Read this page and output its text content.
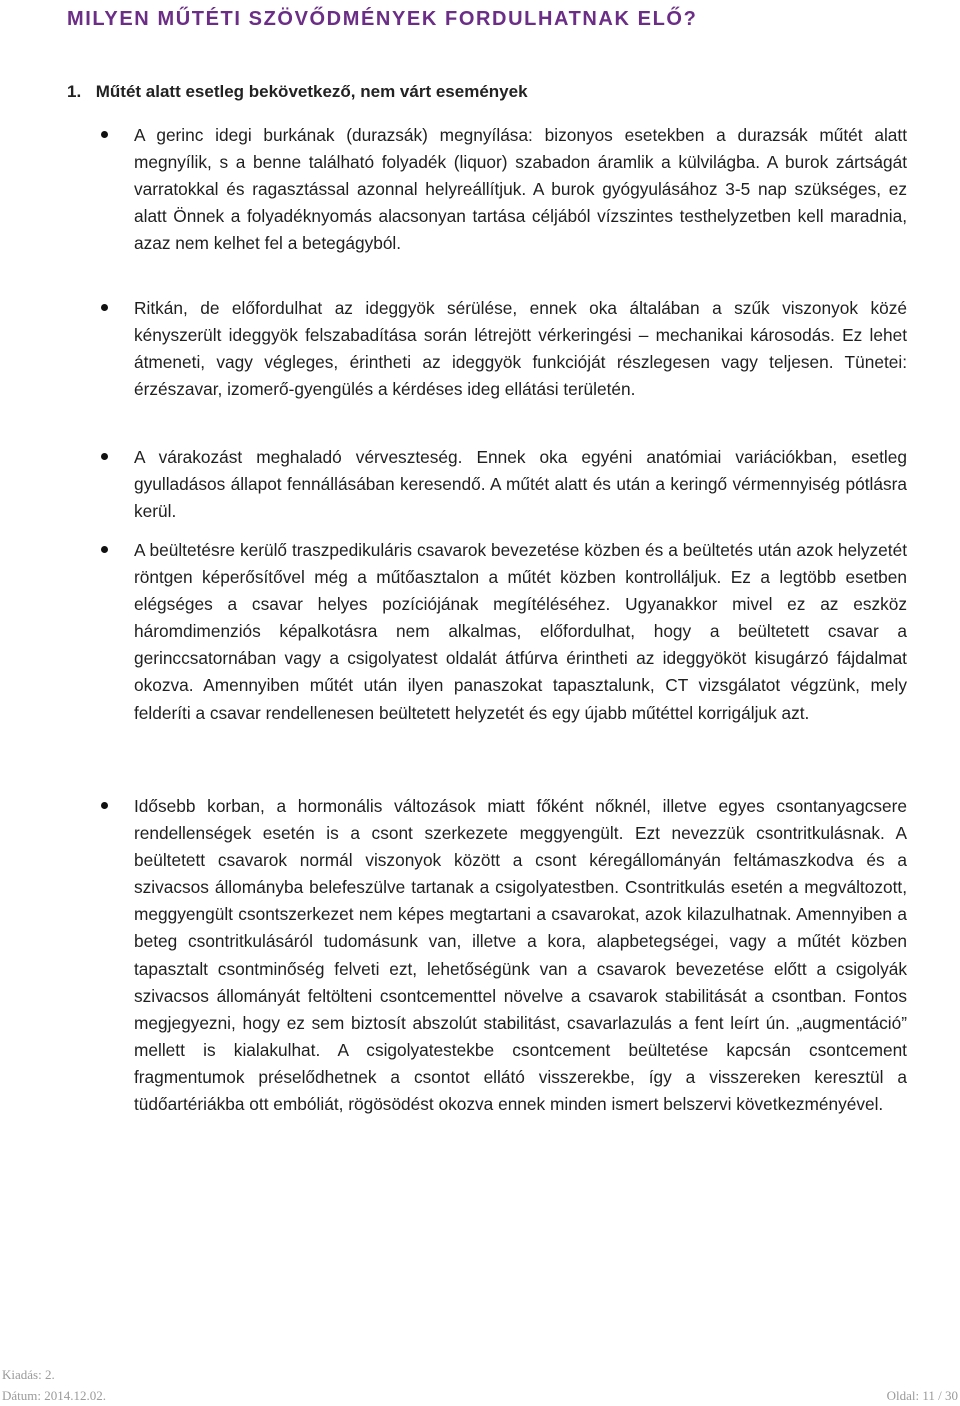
MILYEN MŰTÉTI SZÖVŐDMÉNYEK FORDULHATNAK ELŐ?
1. Műtét alatt esetleg bekövetkező, nem várt események

A gerinc idegi burkának (durazsák) megnyílása: bizonyos esetekben a durazsák műtét alatt megnyílik, s a benne található folyadék (liquor) szabadon áramlik a külvilágba. A burok zártságát varratokkal és ragasztással azonnal helyreállítjuk. A burok gyógyulásához 3-5 nap szükséges, ez alatt Önnek a folyadéknyomás alacsonyan tartása céljából vízszintes testhelyzetben kell maradnia, azaz nem kelhet fel a betegágyból.

Ritkán, de előfordulhat az ideggyök sérülése, ennek oka általában a szűk viszonyok közé kényszerült ideggyök felszabadítása során létrejött vérkeringési – mechanikai károsodás. Ez lehet átmeneti, vagy végleges, érintheti az ideggyök funkcióját részlegesen vagy teljesen. Tünetei: érzészavar, izomerő-gyengülés a kérdéses ideg ellátási területén.

A várakozást meghaladó vérveszteség. Ennek oka egyéni anatómiai variációkban, esetleg gyulladásos állapot fennállásában keresendő. A műtét alatt és után a keringő vérmennyiség pótlásra kerül.

A beültetésre kerülő traszpedikuláris csavarok bevezetése közben és a beültetés után azok helyzetét röntgen képerősítővel még a műtőasztalon a műtét közben kontrolláljuk. Ez a legtöbb esetben elégséges a csavar helyes pozíciójának megítéléséhez. Ugyanakkor mivel ez az eszköz háromdimenziós képalkotásra nem alkalmas, előfordulhat, hogy a beültetett csavar a gerinccsatornában vagy a csigolyatest oldalát átfúrva érintheti az ideggyököt kisugárzó fájdalmat okozva. Amennyiben műtét után ilyen panaszokat tapasztalunk, CT vizsgálatot végzünk, mely felderíti a csavar rendellenesen beültetett helyzetét és egy újabb műtéttel korrigáljuk azt.

Idősebb korban, a hormonális változások miatt főként nőknél, illetve egyes csontanyagcsere rendellenségek esetén is a csont szerkezete meggyengült. Ezt nevezzük csontritkulásnak. A beültetett csavarok normál viszonyok között a csont kéregállományán feltámaszkodva és a szivacsos állományba belefeszülve tartanak a csigolyatestben. Csontritkulás esetén a megváltozott, meggyengült csontszerkezet nem képes megtartani a csavarokat, azok kilazulhatnak. Amennyiben a beteg csontritkulásáról tudomásunk van, illetve a kora, alapbetegségei, vagy a műtét közben tapasztalt csontminőség felveti ezt, lehetőségünk van a csavarok bevezetése előtt a csigolyák szivacsos állományát feltölteni csontcementtel növelve a csavarok stabilitását a csontban. Fontos megjegyezni, hogy ez sem biztosít abszolút stabilitást, csavarlazulás a fent leírt ún. „augmentáció” mellett is kialakulhat. A csigolyatestekbe csontcement beültetése kapcsán csontcement fragmentumok préselődhetnek a csontot ellátó visszerekbe, így a visszereken keresztül a tüdőartériákba ott embóliát, rögösödést okozva ennek minden ismert belszervi következményével.

Kiadás: 2.
Dátum: 2014.12.02.	Oldal: 11 / 30
